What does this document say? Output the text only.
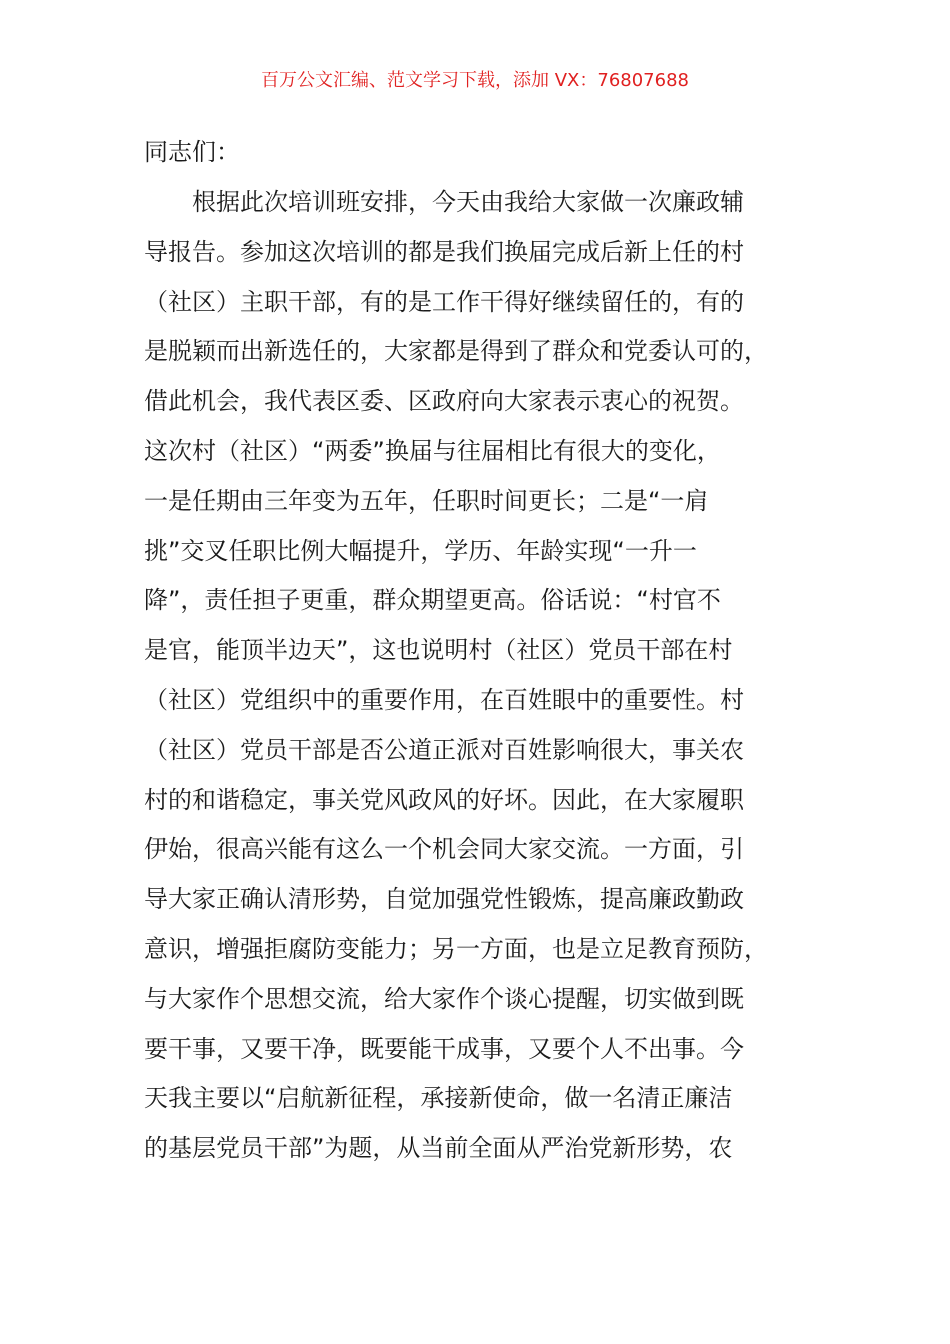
百万公文汇编、范文学习下载，添加 VX：76807688
同志们：
根据此次培训班安排，今天由我给大家做一次廉政辅
导报告。参加这次培训的都是我们换届完成后新上任的村
（社区）主职干部，有的是工作干得好继续留任的，有的
是脱颖而出新选任的，大家都是得到了群众和党委认可的，
借此机会，我代表区委、区政府向大家表示衷心的祝贺。
这次村（社区）“两委”换届与往届相比有很大的变化，
一是任期由三年变为五年，任职时间更长；二是“一肩
挑”交叉任职比例大幅提升，学历、年龄实现“一升一
降”，责任担子更重，群众期望更高。俗话说：“村官不
是官，能顶半边天”，这也说明村（社区）党员干部在村
（社区）党组织中的重要作用，在百姓眼中的重要性。村
（社区）党员干部是否公道正派对百姓影响很大，事关农
村的和谐稳定，事关党风政风的好坏。因此，在大家履职
伊始，很高兴能有这么一个机会同大家交流。一方面，引
导大家正确认清形势，自觉加强党性锻炼，提高廉政勤政
意识，增强拒腐防变能力；另一方面，也是立足教育预防，
与大家作个思想交流，给大家作个谈心提醒，切实做到既
要干事，又要干净，既要能干成事，又要个人不出事。今
天我主要以“启航新征程，承接新使命，做一名清正廉洁
的基层党员干部”为题，从当前全面从严治党新形势，农
